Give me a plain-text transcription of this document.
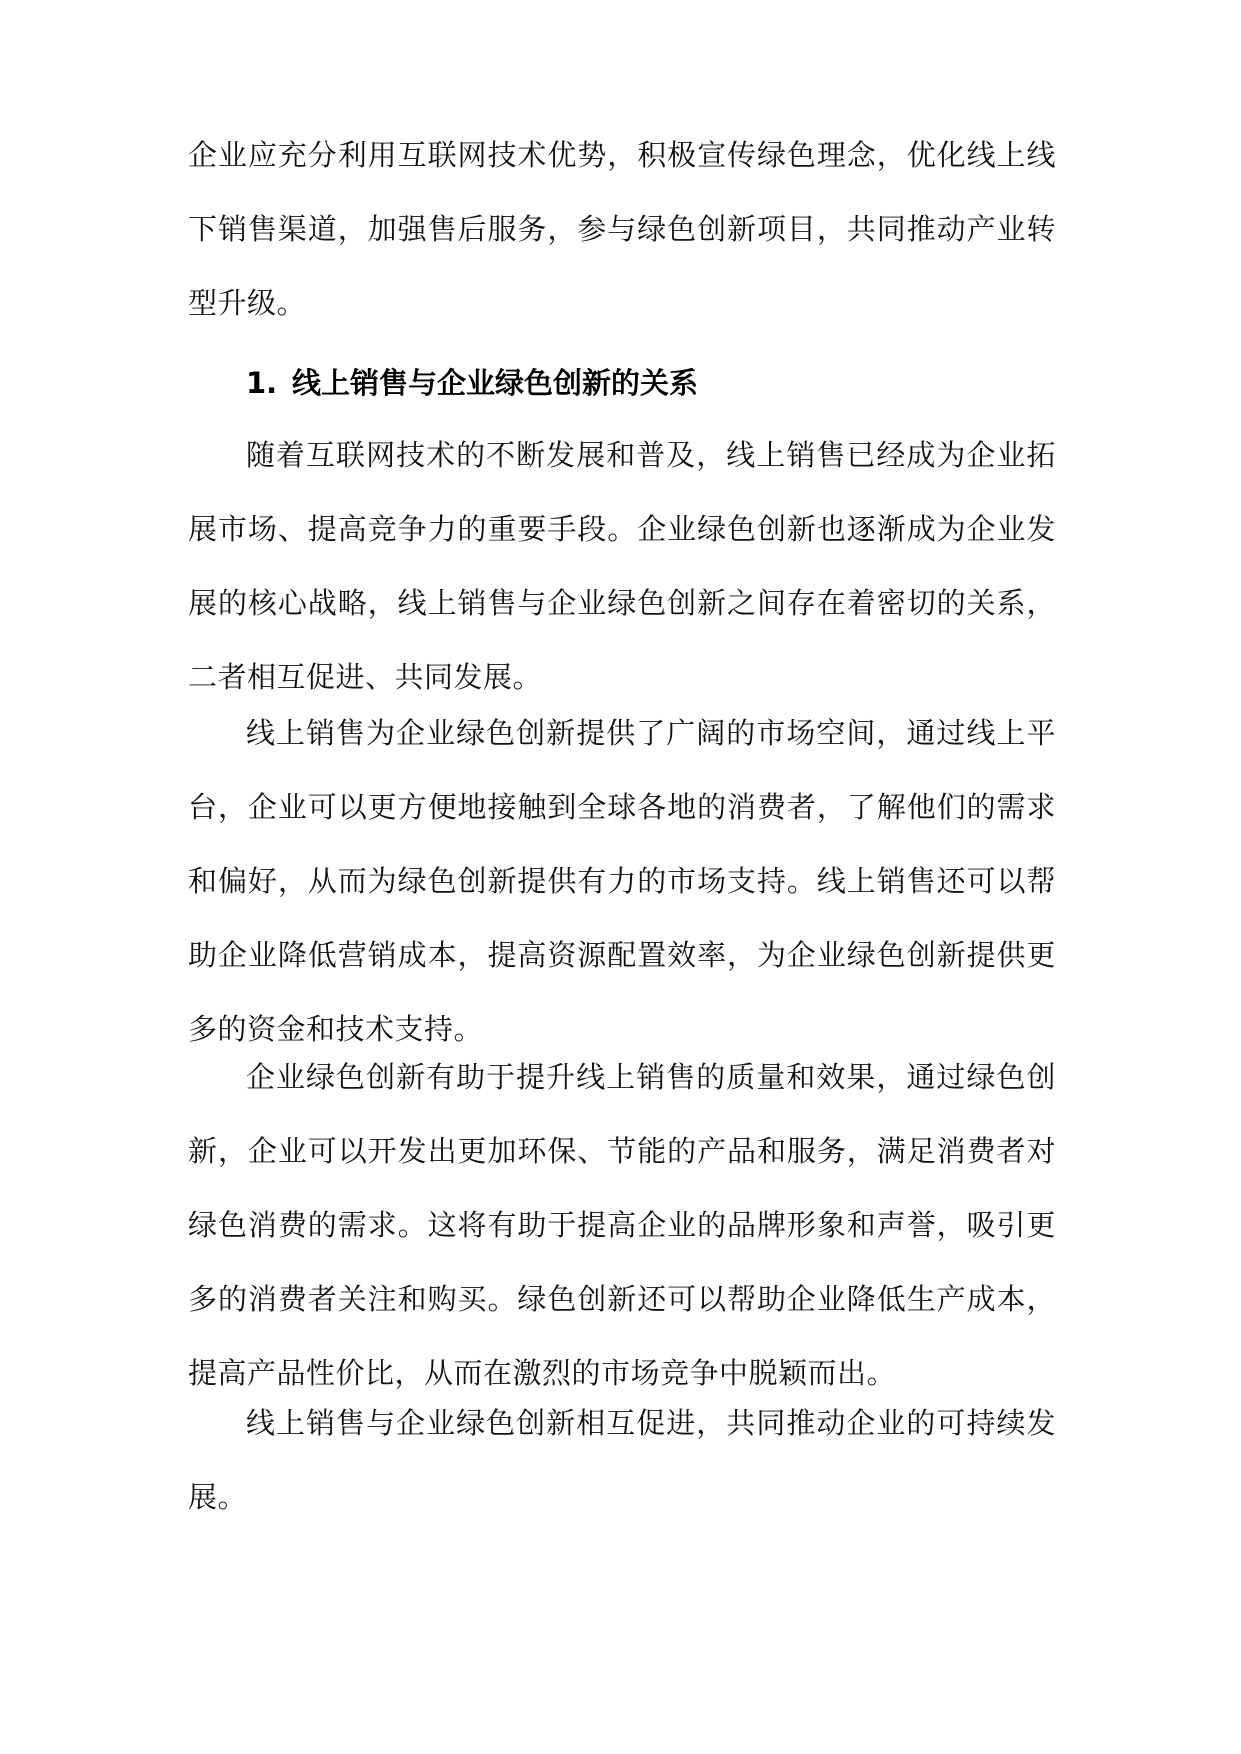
企业应充分利用互联网技术优势，积极宣传绿色理念，优化线上线下销售渠道，加强售后服务，参与绿色创新项目，共同推动产业转型升级。

1. 线上销售与企业绿色创新的关系

随着互联网技术的不断发展和普及，线上销售已经成为企业拓展市场、提高竞争力的重要手段。企业绿色创新也逐渐成为企业发展的核心战略，线上销售与企业绿色创新之间存在着密切的关系，二者相互促进、共同发展。

线上销售为企业绿色创新提供了广阔的市场空间，通过线上平台，企业可以更方便地接触到全球各地的消费者，了解他们的需求和偏好，从而为绿色创新提供有力的市场支持。线上销售还可以帮助企业降低营销成本，提高资源配置效率，为企业绿色创新提供更多的资金和技术支持。

企业绿色创新有助于提升线上销售的质量和效果，通过绿色创新，企业可以开发出更加环保、节能的产品和服务，满足消费者对绿色消费的需求。这将有助于提高企业的品牌形象和声誉，吸引更多的消费者关注和购买。绿色创新还可以帮助企业降低生产成本，提高产品性价比，从而在激烈的市场竞争中脱颖而出。

线上销售与企业绿色创新相互促进，共同推动企业的可持续发展。
